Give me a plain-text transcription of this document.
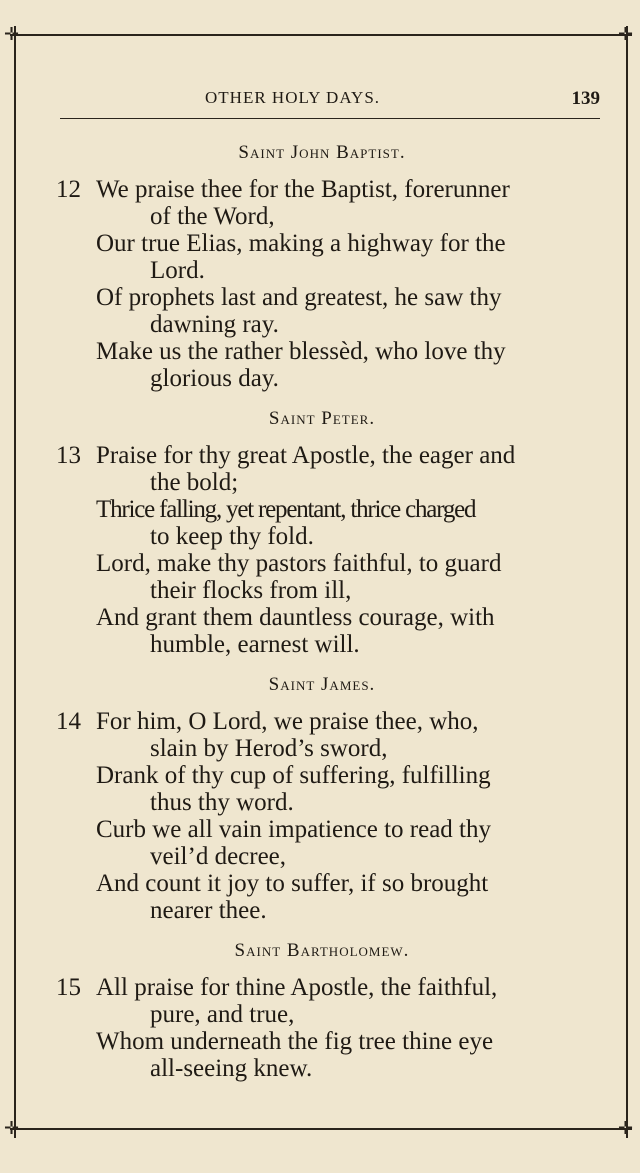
✛	✛
✛	✛
OTHER HOLY DAYS.	139
Saint John Baptist.
12 We praise thee for the Baptist, forerunner
of the Word,
Our true Elias, making a highway for the
Lord.
Of prophets last and greatest, he saw thy
dawning ray.
Make us the rather blessèd, who love thy
glorious day.
Saint Peter.
13 Praise for thy great Apostle, the eager and
the bold;
Thrice falling, yet repentant, thrice charged
to keep thy fold.
Lord, make thy pastors faithful, to guard
their flocks from ill,
And grant them dauntless courage, with
humble, earnest will.
Saint James.
14 For him, O Lord, we praise thee, who,
slain by Herod’s sword,
Drank of thy cup of suffering, fulfilling
thus thy word.
Curb we all vain impatience to read thy
veil’d decree,
And count it joy to suffer, if so brought
nearer thee.
Saint Bartholomew.
15 All praise for thine Apostle, the faithful,
pure, and true,
Whom underneath the fig tree thine eye
all-seeing knew.
